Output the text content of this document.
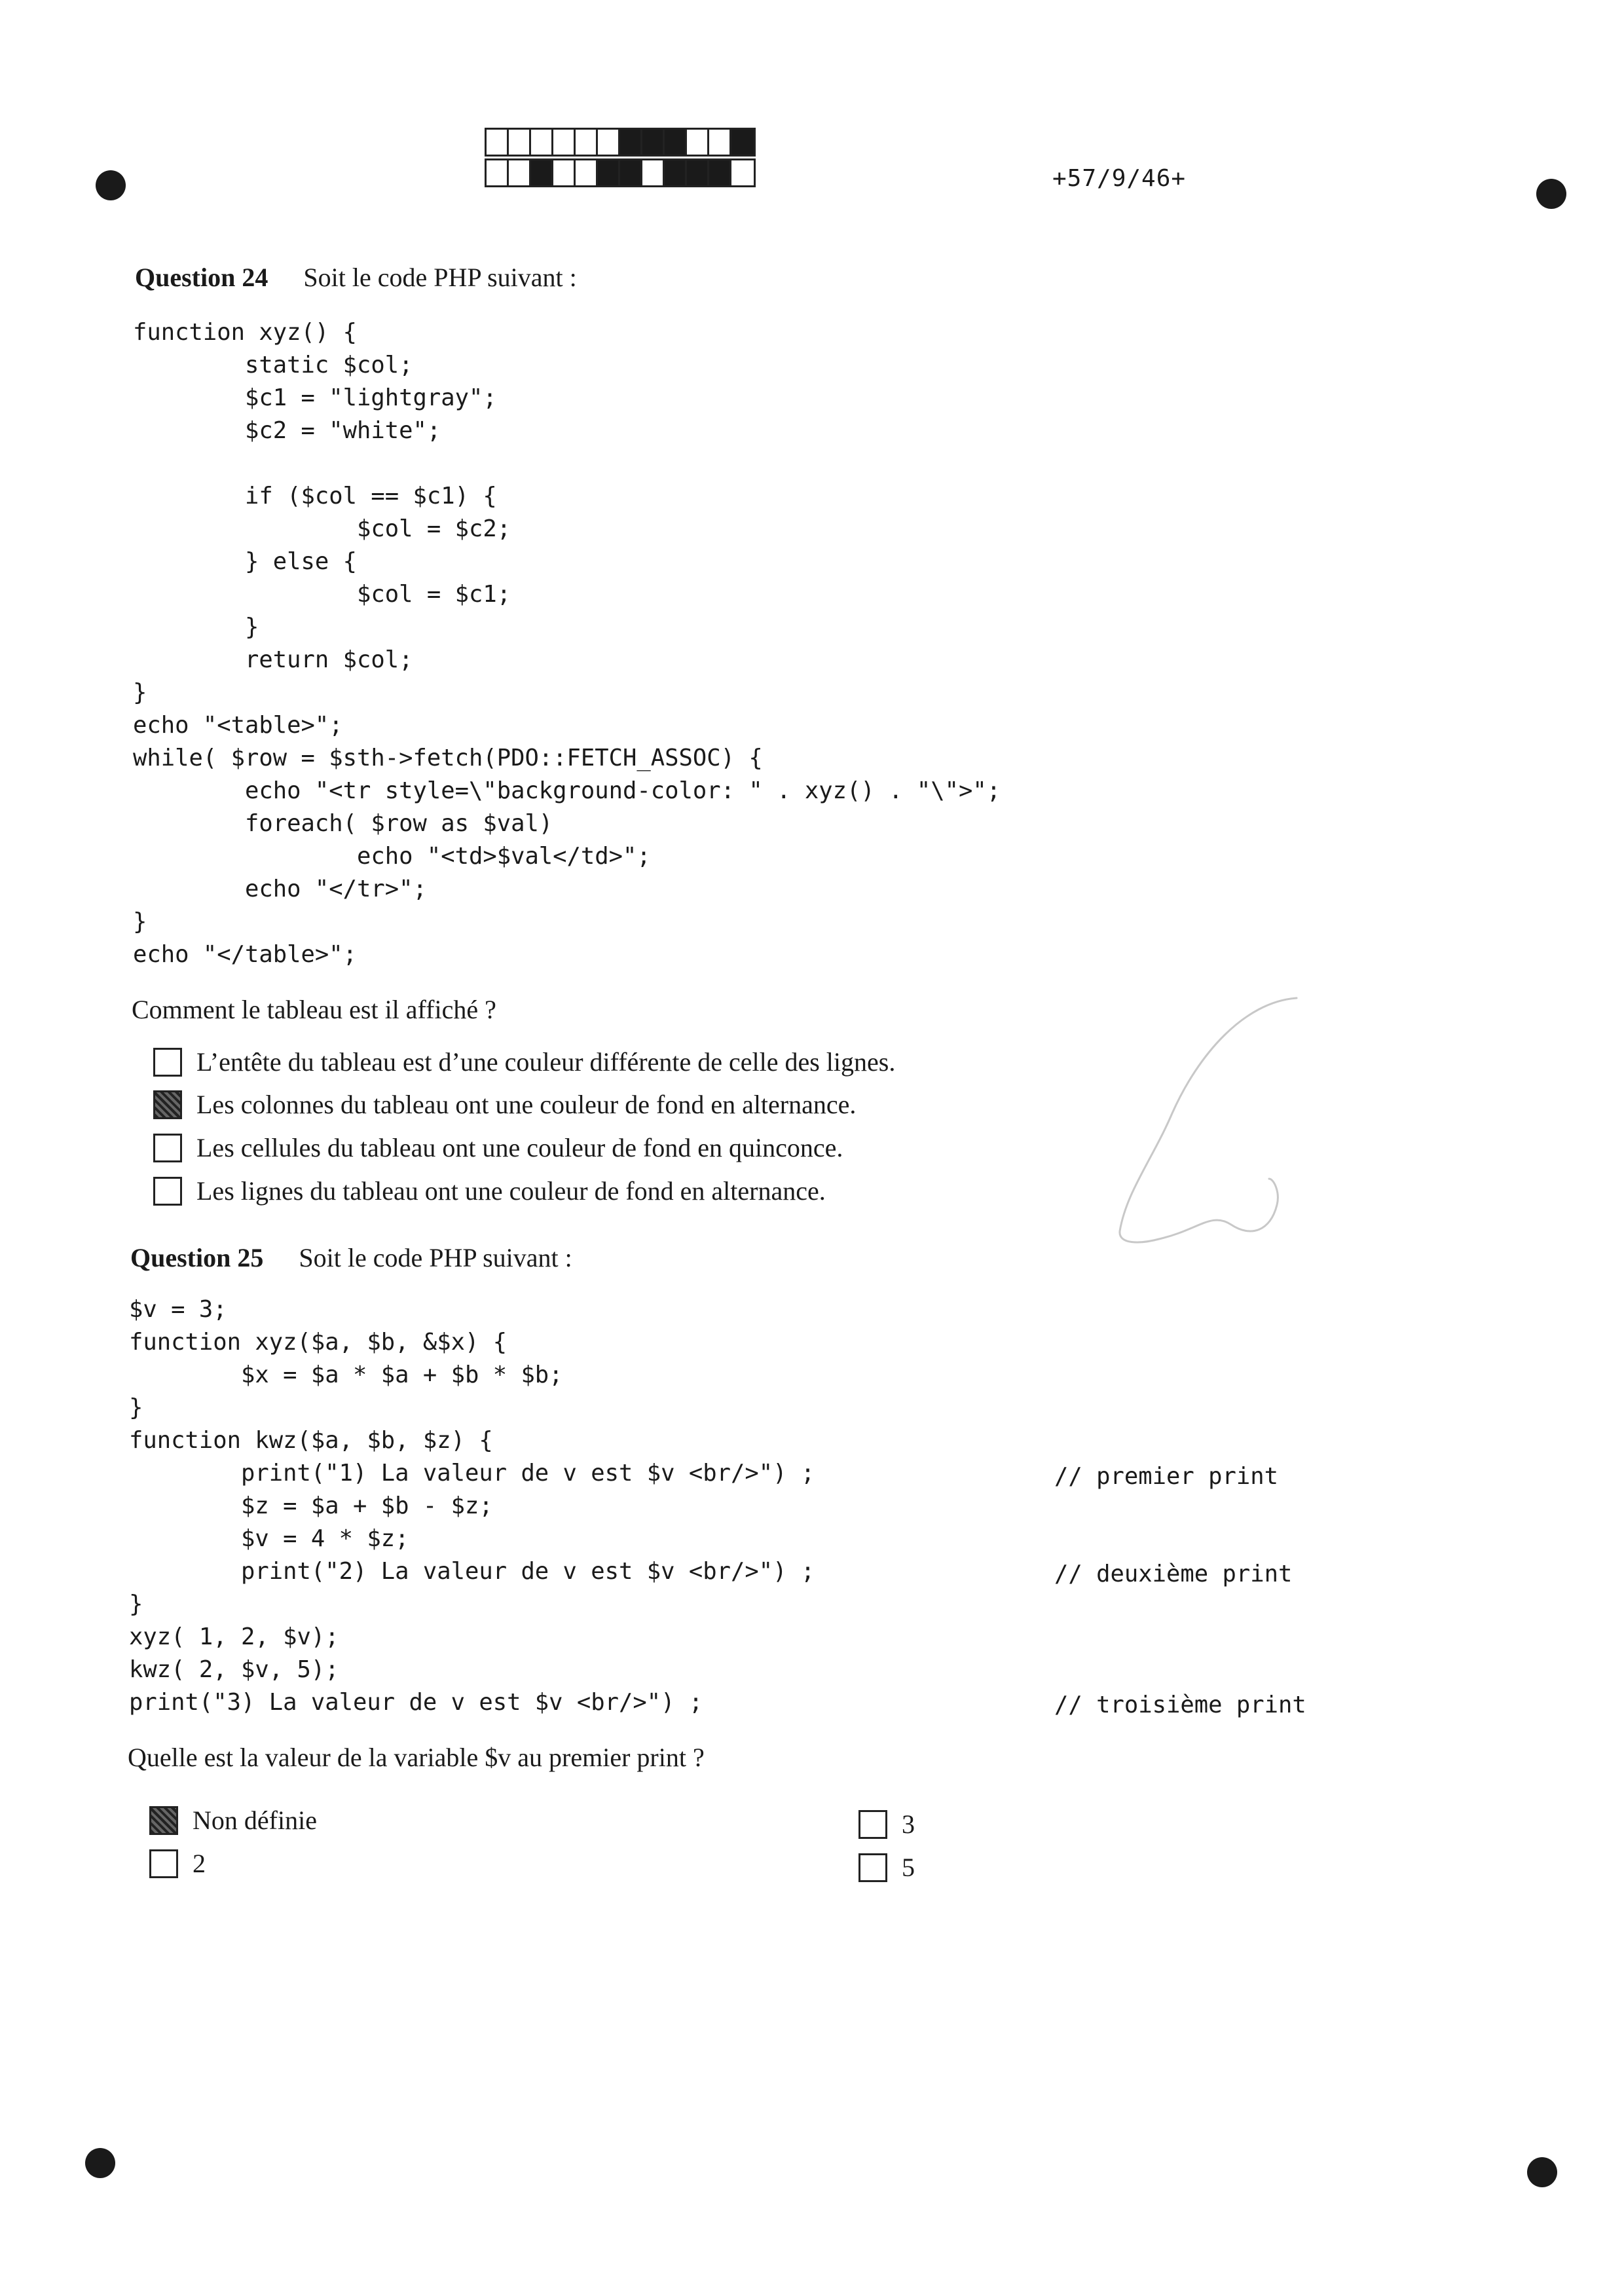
+57/9/46+
Question 24 Soit le code PHP suivant :
function xyz() {
static $col;
$c1 = "lightgray";
$c2 = "white";

if ($col == $c1) {
$col = $c2;
} else {
$col = $c1;
}
return $col;
}
echo "<table>";
while( $row = $sth->fetch(PDO::FETCH_ASSOC) {
echo "<tr style=\"background-color: " . xyz() . "\">";
foreach( $row as $val)
echo "<td>$val</td>";
echo "</tr>";
}
echo "</table>";
Comment le tableau est il affiché ?
L’entête du tableau est d’une couleur différente de celle des lignes.
Les colonnes du tableau ont une couleur de fond en alternance.
Les cellules du tableau ont une couleur de fond en quinconce.
Les lignes du tableau ont une couleur de fond en alternance.
Question 25 Soit le code PHP suivant :
$v = 3;
function xyz($a, $b, &$x) {
$x = $a * $a + $b * $b;
}
function kwz($a, $b, $z) {
print("1) La valeur de v est $v <br/>") ;
$z = $a + $b - $z;
$v = 4 * $z;
print("2) La valeur de v est $v <br/>") ;
}
xyz( 1, 2, $v);
kwz( 2, $v, 5);
print("3) La valeur de v est $v <br/>") ;
// premier print
// deuxième print
// troisième print
Quelle est la valeur de la variable $v au premier print ?
Non définie
2
3
5
